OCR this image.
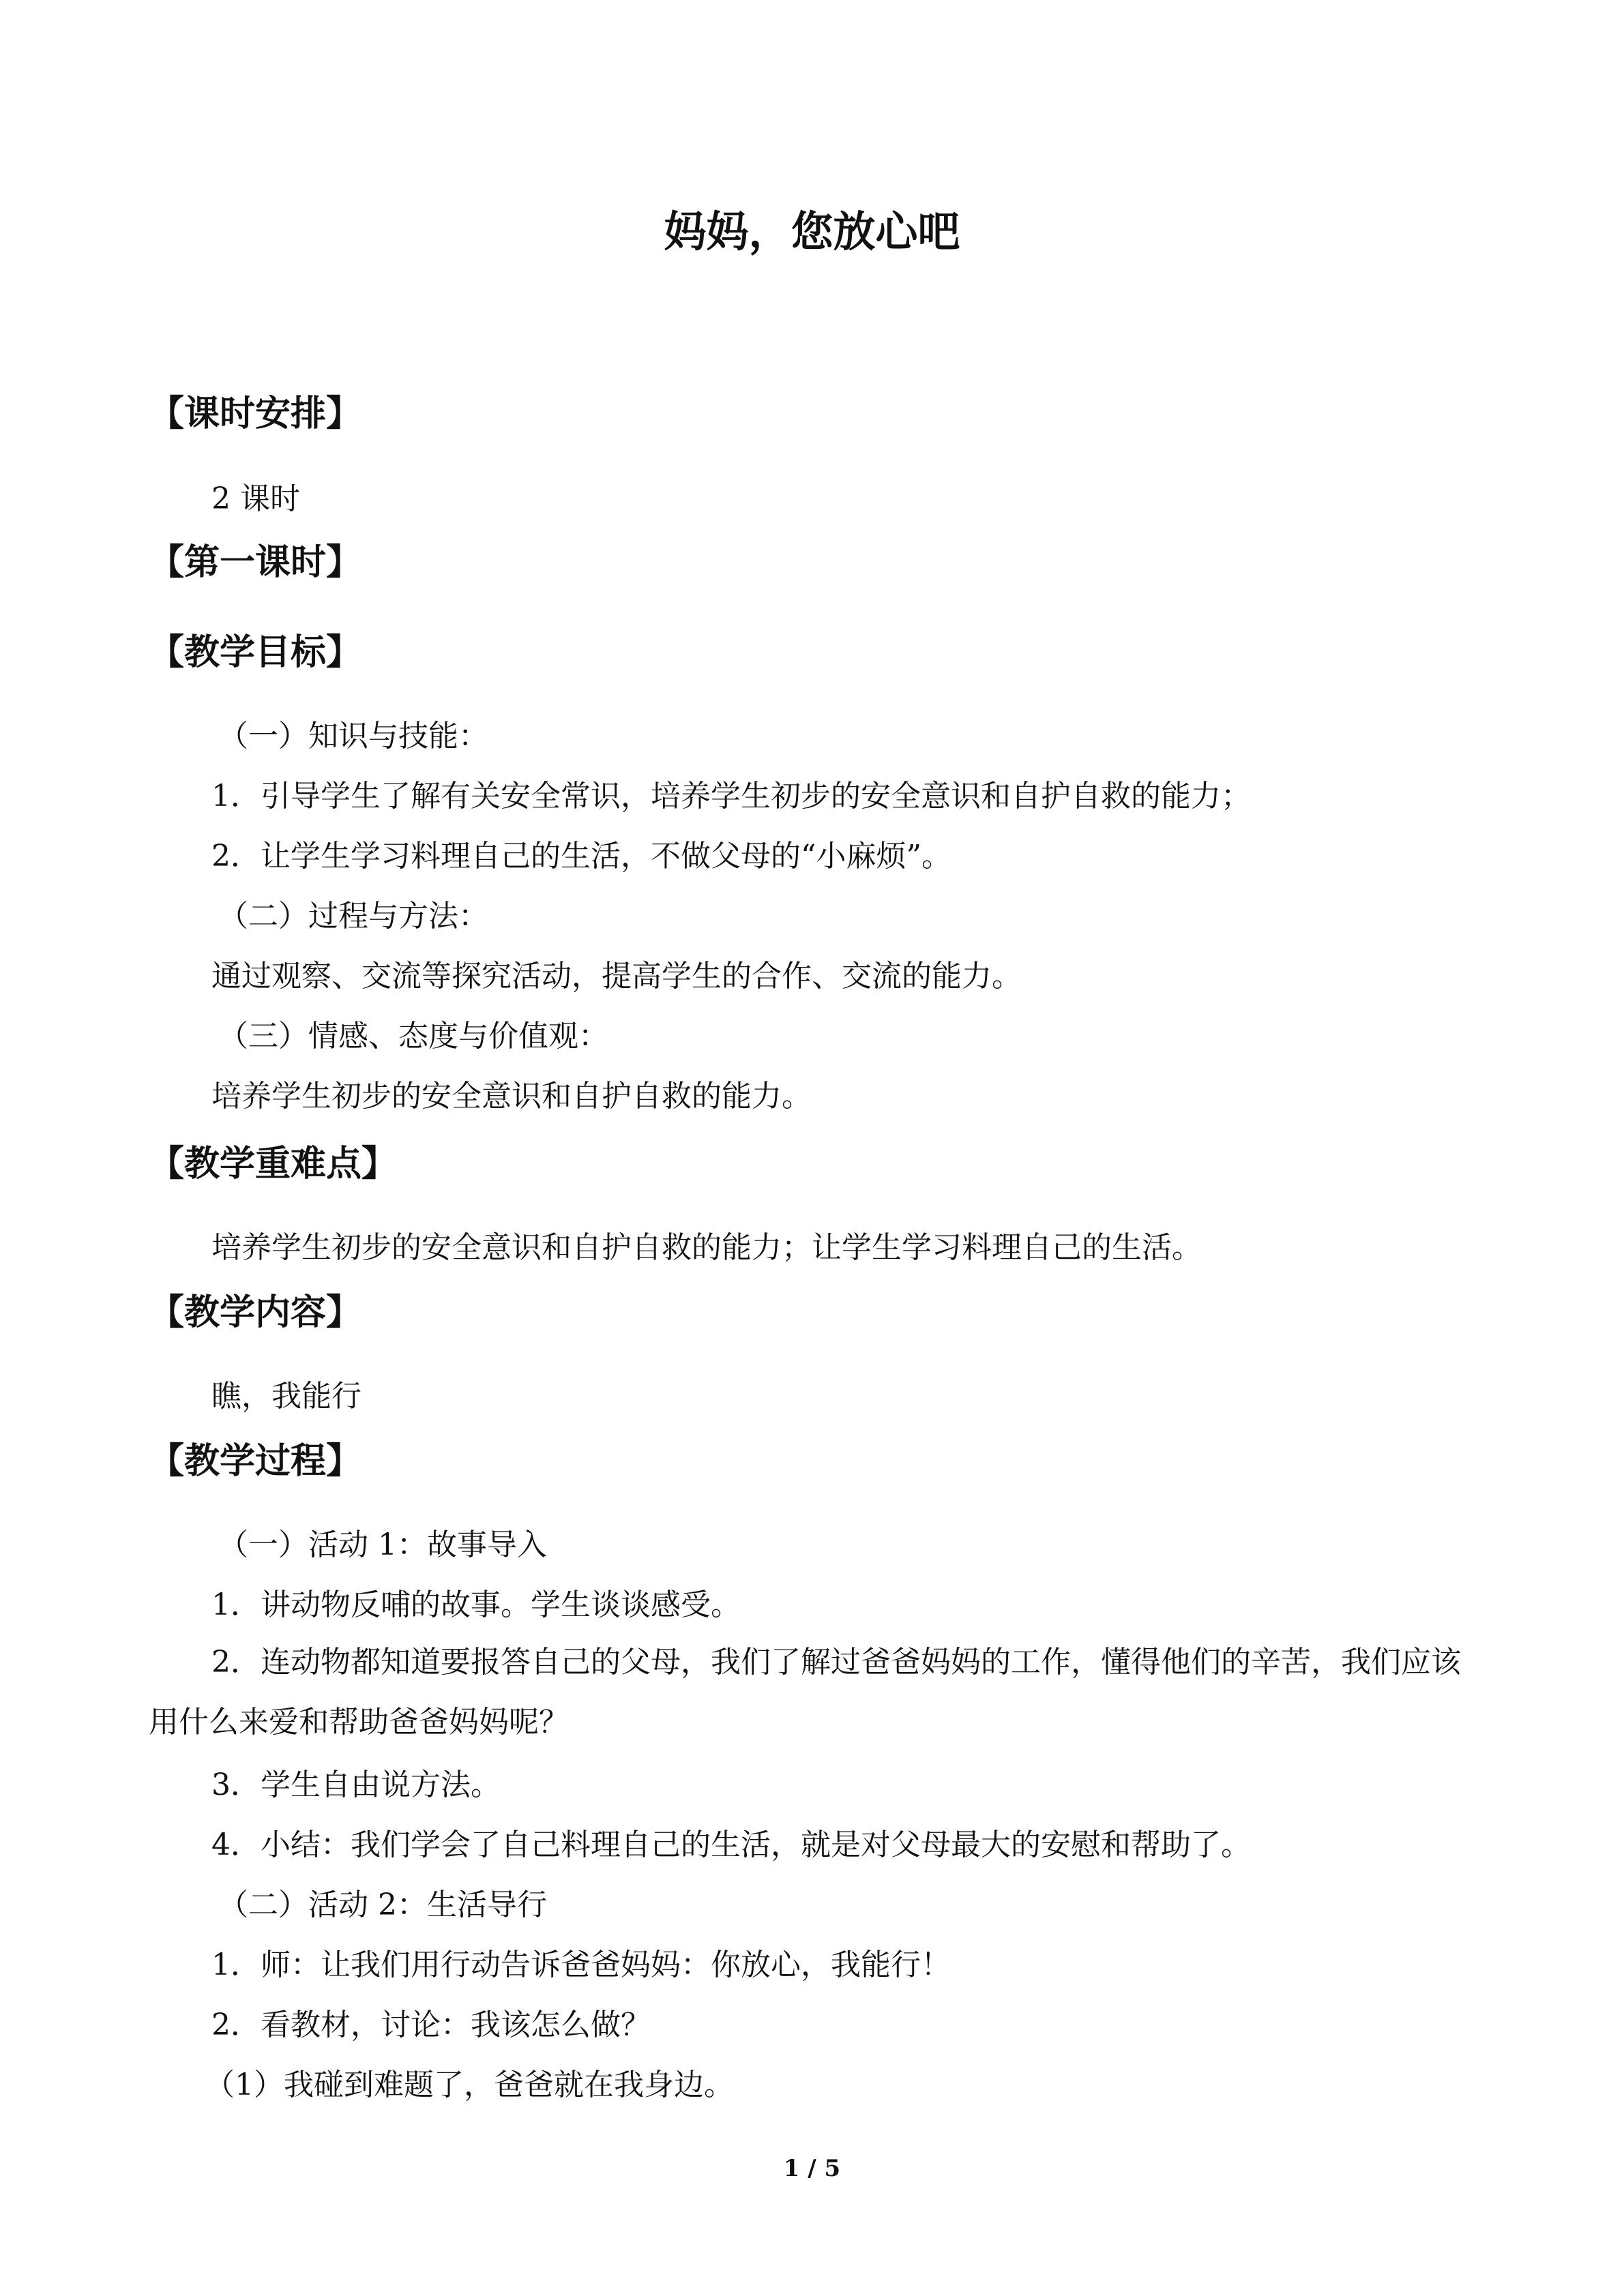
妈妈，您放心吧
【课时安排】

2 课时

【第一课时】
【教学目标】

（一）知识与技能：

1．引导学生了解有关安全常识，培养学生初步的安全意识和自护自救的能力；

2．让学生学习料理自己的生活，不做父母的“小麻烦”。

（二）过程与方法：

通过观察、交流等探究活动，提高学生的合作、交流的能力。

（三）情感、态度与价值观：

培养学生初步的安全意识和自护自救的能力。

【教学重难点】

培养学生初步的安全意识和自护自救的能力；让学生学习料理自己的生活。

【教学内容】

瞧，我能行

【教学过程】

（一）活动 1：故事导入

1．讲动物反哺的故事。学生谈谈感受。

2．连动物都知道要报答自己的父母，我们了解过爸爸妈妈的工作，懂得他们的辛苦，我们应该用什么来爱和帮助爸爸妈妈呢？

3．学生自由说方法。

4．小结：我们学会了自己料理自己的生活，就是对父母最大的安慰和帮助了。

（二）活动 2：生活导行

1．师：让我们用行动告诉爸爸妈妈：你放心，我能行！

2．看教材，讨论：我该怎么做？

（1）我碰到难题了，爸爸就在我身边。

1 / 5
